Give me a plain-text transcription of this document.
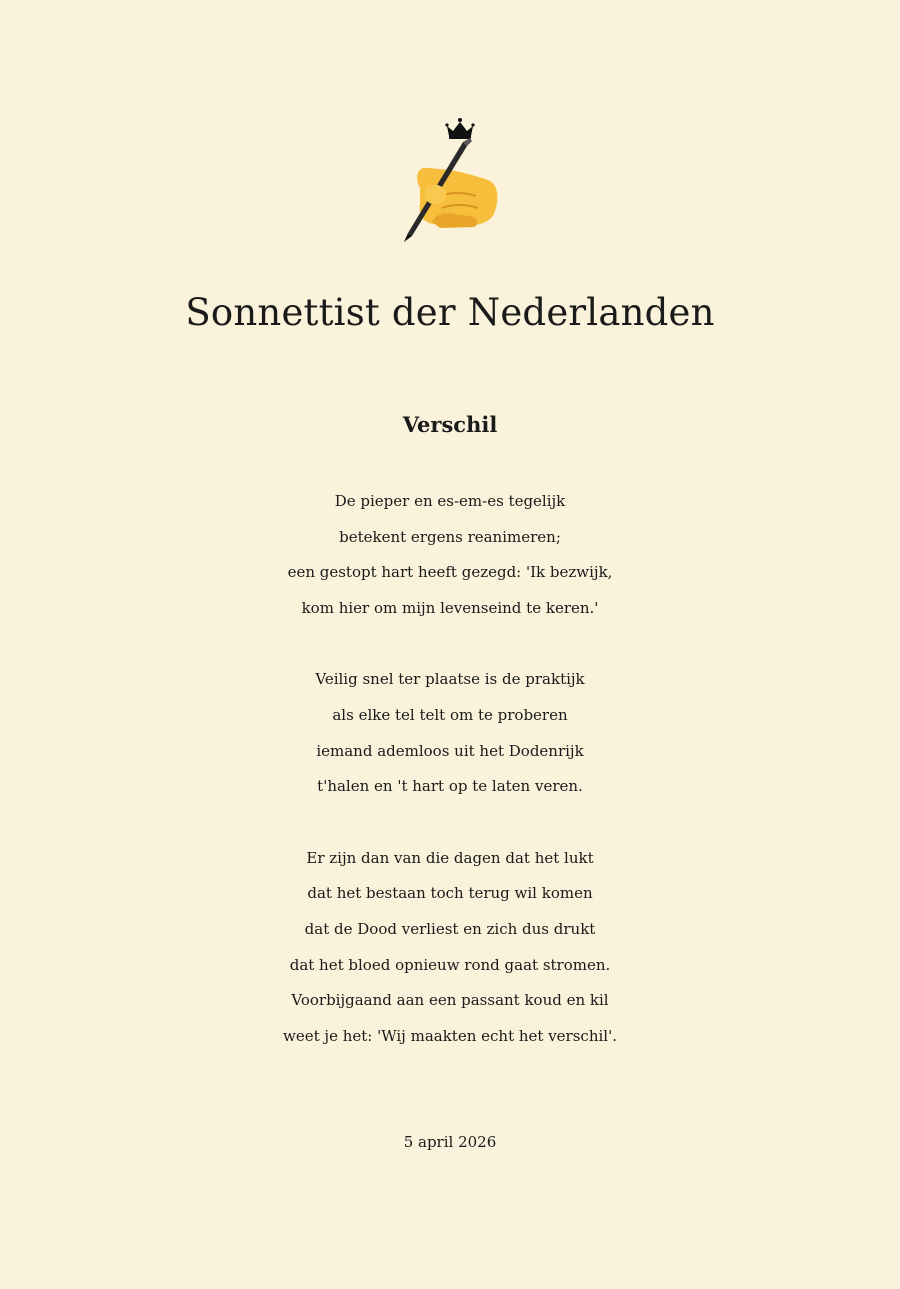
Sonnettist der Nederlanden
Verschil

De pieper en es-em-es tegelijk
betekent ergens reanimeren;
een gestopt hart heeft gezegd: 'Ik bezwijk,
kom hier om mijn levenseind te keren.'

Veilig snel ter plaatse is de praktijk
als elke tel telt om te proberen
iemand ademloos uit het Dodenrijk
t'halen en 't hart op te laten veren.

Er zijn dan van die dagen dat het lukt
dat het bestaan toch terug wil komen
dat de Dood verliest en zich dus drukt
dat het bloed opnieuw rond gaat stromen.
Voorbijgaand aan een passant koud en kil
weet je het: 'Wij maakten echt het verschil'.

5 april 2026
